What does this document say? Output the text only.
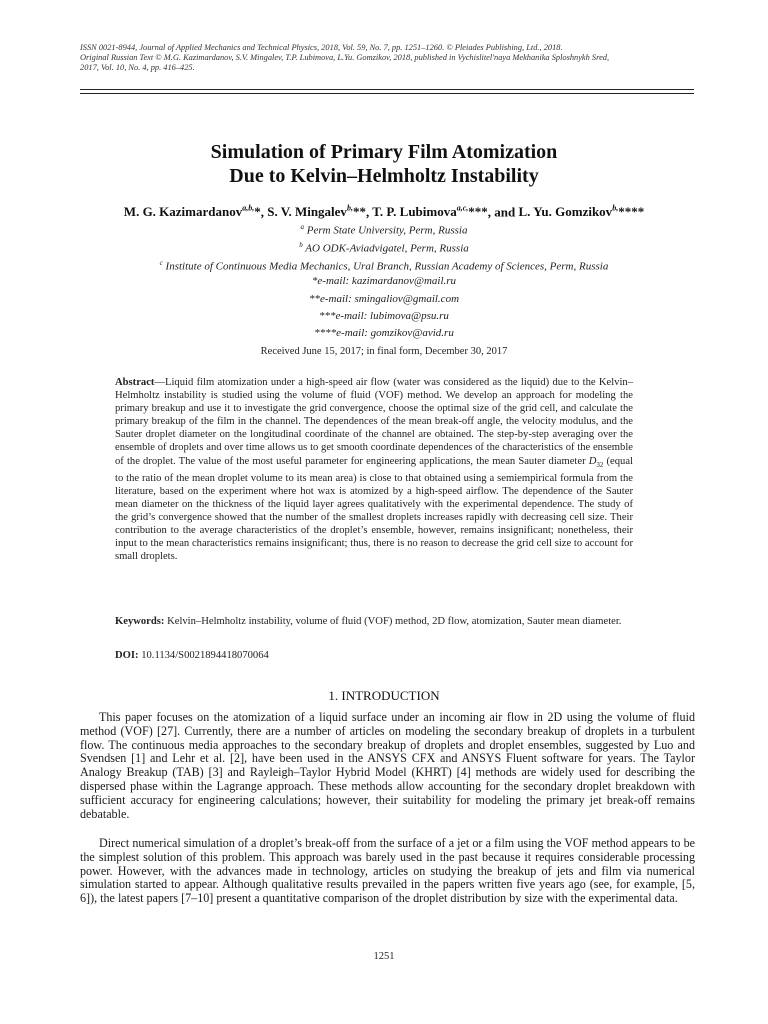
ISSN 0021-8944, Journal of Applied Mechanics and Technical Physics, 2018, Vol. 59, No. 7, pp. 1251–1260. © Pleiades Publishing, Ltd., 2018.
Original Russian Text © M.G. Kazimardanov, S.V. Mingalev, T.P. Lubimova, L.Yu. Gomzikov, 2018, published in Vychislitel'naya Mekhanika Sploshnykh Sred,
2017, Vol. 10, No. 4, pp. 416–425.
Simulation of Primary Film Atomization
Due to Kelvin–Helmholtz Instability
M. G. Kazimardanov$^{a,b,}$*, S. V. Mingalev$^{b,}$**, T. P. Lubimova$^{a,c,}$***, and L. Yu. Gomzikov$^{b,}$****
$^a$ Perm State University, Perm, Russia
$^b$ AO ODK-Aviadvigatel, Perm, Russia
$^c$ Institute of Continuous Media Mechanics, Ural Branch, Russian Academy of Sciences, Perm, Russia
*e-mail: kazimardanov@mail.ru
**e-mail: smingaliov@gmail.com
***e-mail: lubimova@psu.ru
****e-mail: gomzikov@avid.ru
Received June 15, 2017; in final form, December 30, 2017
Abstract—Liquid film atomization under a high-speed air flow (water was considered as the liquid) due to the Kelvin–Helmholtz instability is studied using the volume of fluid (VOF) method. We develop an approach for modeling the primary breakup and use it to investigate the grid convergence, choose the optimal size of the grid cell, and calculate the primary breakup of the film in the channel. The dependences of the mean break-off angle, the velocity modulus, and the Sauter droplet diameter on the longitudinal coordinate of the channel are obtained. The step-by-step averaging over the ensemble of droplets and over time allows us to get smooth coordinate dependences of the characteristics of the ensemble of the droplet. The value of the most useful parameter for engineering applications, the mean Sauter diameter $D_{32}$ (equal to the ratio of the mean droplet volume to its mean area) is close to that obtained using a semiempirical formula from the literature, based on the experiment where hot wax is atomized by a high-speed airflow. The dependence of the Sauter mean diameter on the thickness of the liquid layer agrees qualitatively with the experimental dependence. The study of the grid’s convergence showed that the number of the smallest droplets increases rapidly with decreasing cell size. Their contribution to the average characteristics of the droplet’s ensemble, however, remains insignificant; nonetheless, their input to the mean characteristics remains insignificant; thus, there is no reason to decrease the grid cell size to account for small droplets.
Keywords: Kelvin–Helmholtz instability, volume of fluid (VOF) method, 2D flow, atomization, Sauter mean diameter.
DOI: 10.1134/S0021894418070064
1. INTRODUCTION

This paper focuses on the atomization of a liquid surface under an incoming air flow in 2D using the volume of fluid method (VOF) [27]. Currently, there are a number of articles on modeling the secondary breakup of droplets in a turbulent flow. The continuous media approaches to the secondary breakup of droplets and droplet ensembles, suggested by Luo and Svendsen [1] and Lehr et al. [2], have been used in the ANSYS CFX and ANSYS Fluent software for years. The Taylor Analogy Breakup (TAB) [3] and Rayleigh–Taylor Hybrid Model (KHRT) [4] methods are widely used for describing the dispersed phase within the Lagrange approach. These methods allow accounting for the secondary droplet breakdown with sufficient accuracy for engineering calculations; however, their suitability for modeling the primary jet break-off remains debatable.

Direct numerical simulation of a droplet’s break-off from the surface of a jet or a film using the VOF method appears to be the simplest solution of this problem. This approach was barely used in the past because it requires considerable processing power. However, with the advances made in technology, articles on studying the breakup of jets and film via numerical simulation started to appear. Although qualitative results prevailed in the papers written five years ago (see, for example, [5, 6]), the latest papers [7–10] present a quantitative comparison of the droplet distribution by size with the experimental data.

1251
